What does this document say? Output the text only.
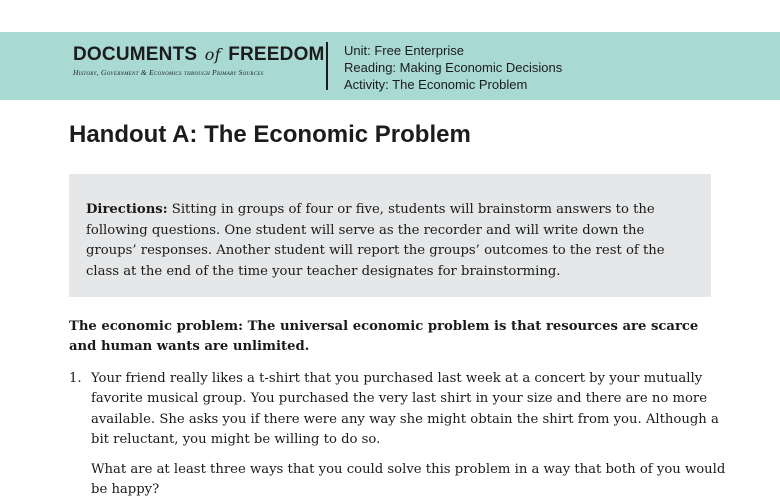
DOCUMENTS of FREEDOM
History, Government & Economics through Primary Sources
Unit: Free Enterprise
Reading: Making Economic Decisions
Activity: The Economic Problem
Handout A: The Economic Problem
Directions: Sitting in groups of four or five, students will brainstorm answers to the following questions. One student will serve as the recorder and will write down the groups’ responses. Another student will report the groups’ outcomes to the rest of the class at the end of the time your teacher designates for brainstorming.

The economic problem: The universal economic problem is that resources are scarce and human wants are unlimited.

1. Your friend really likes a t-shirt that you purchased last week at a concert by your mutually favorite musical group. You purchased the very last shirt in your size and there are no more available. She asks you if there were any way she might obtain the shirt from you. Although a bit reluctant, you might be willing to do so.
What are at least three ways that you could solve this problem in a way that both of you would be happy?
